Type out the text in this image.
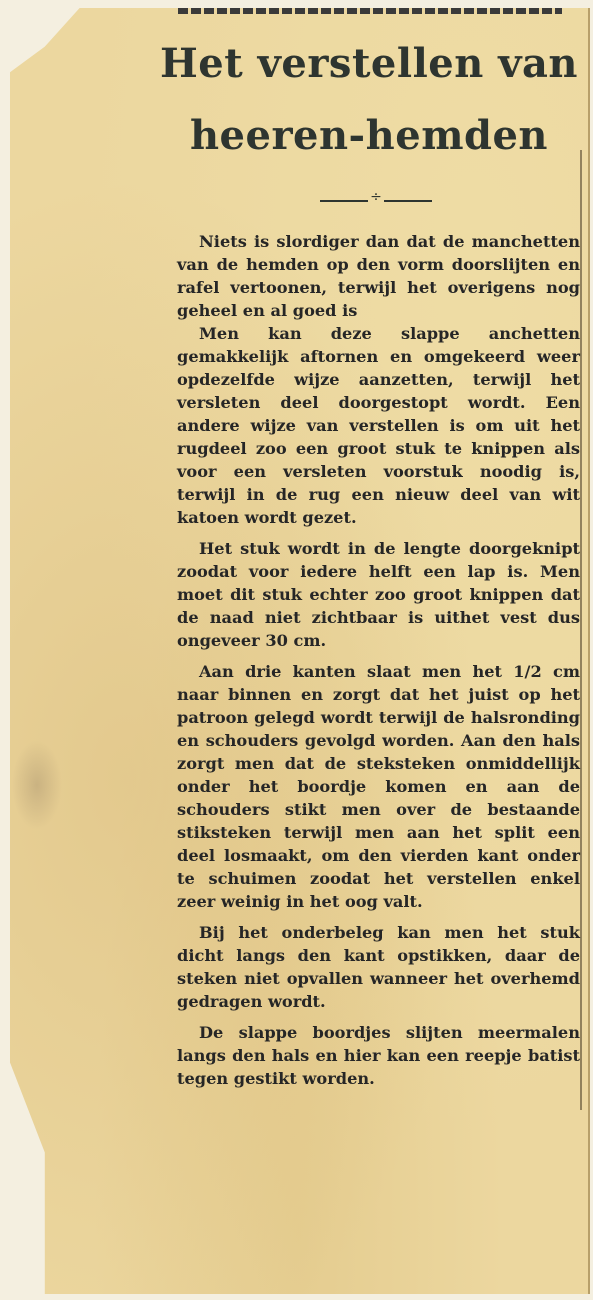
Het verstellen van heeren-hemden
÷

Niets is slordiger dan dat de manchetten van de hemden op den vorm doorslijten en rafel vertoonen, terwijl het overigens nog geheel en al goed is

Men kan deze slappe anchetten gemakkelijk aftornen en omgekeerd weer opdezelfde wijze aanzetten, terwijl het versleten deel doorgestopt wordt. Een andere wijze van verstellen is om uit het rugdeel zoo een groot stuk te knippen als voor een versleten voorstuk noodig is, terwijl in de rug een nieuw deel van wit katoen wordt gezet.

Het stuk wordt in de lengte doorgeknipt zoodat voor iedere helft een lap is. Men moet dit stuk echter zoo groot knippen dat de naad niet zichtbaar is uithet vest dus ongeveer 30 cm.

Aan drie kanten slaat men het 1/2 cm naar binnen en zorgt dat het juist op het patroon gelegd wordt terwijl de halsronding en schouders gevolgd worden. Aan den hals zorgt men dat de steksteken onmiddellijk onder het boordje komen en aan de schouders stikt men over de bestaande stiksteken terwijl men aan het split een deel losmaakt, om den vierden kant onder te schuimen zoodat het verstellen enkel zeer weinig in het oog valt.

Bij het onderbeleg kan men het stuk dicht langs den kant opstikken, daar de steken niet opvallen wanneer het overhemd gedragen wordt.

De slappe boordjes slijten meermalen langs den hals en hier kan een reepje batist tegen gestikt worden.
